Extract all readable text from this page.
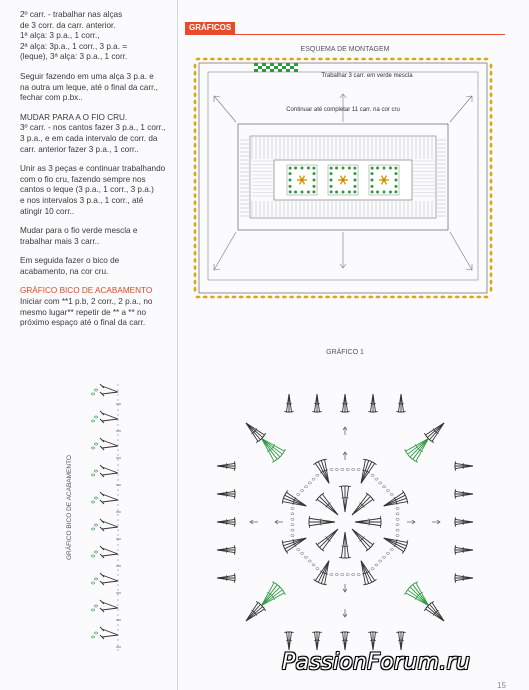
2º carr. - trabalhar nas alças
de 3 corr. da carr. anterior.
1ª alça: 3 p.a., 1 corr.,
2ª alça: 3p.a., 1 corr., 3 p.a. =
(leque), 3ª alça: 3 p.a., 1 corr.

Seguir fazendo em uma alça 3 p.a. e
na outra um leque, até o final da carr.,
fechar com p.bx..

MUDAR PARA A O FIO CRU.
3º carr. - nos cantos fazer 3 p.a., 1 corr.,
3 p.a., e em cada intervalo de corr. da
carr. anterior fazer 3 p.a., 1 corr..

Unir as 3 peças e continuar trabalhando
com o fio cru, fazendo sempre nos
cantos o leque (3 p.a., 1 corr., 3 p.a.)
e nos intervalos 3 p.a., 1 corr., até
atingir 10 corr..

Mudar para o fio verde mescla e
trabalhar mais 3 carr..

Em seguida fazer o bico de
acabamento, na cor cru.

GRÁFICO BICO DE ACABAMENTO
Iniciar com **1 p.b, 2 corr., 2 p.a., no
mesmo lugar** repetir de ** a ** no
próximo espaço até o final da carr.

GRÁFICOS
ESQUEMA DE MONTAGEM
Trabalhar 3 carr. em verde mescla
Continuar até completar 11 carr. na cor cru
GRÁFICO 1
GRÁFICO BICO DE ACABAMENTO
15
PassionForum.ru
